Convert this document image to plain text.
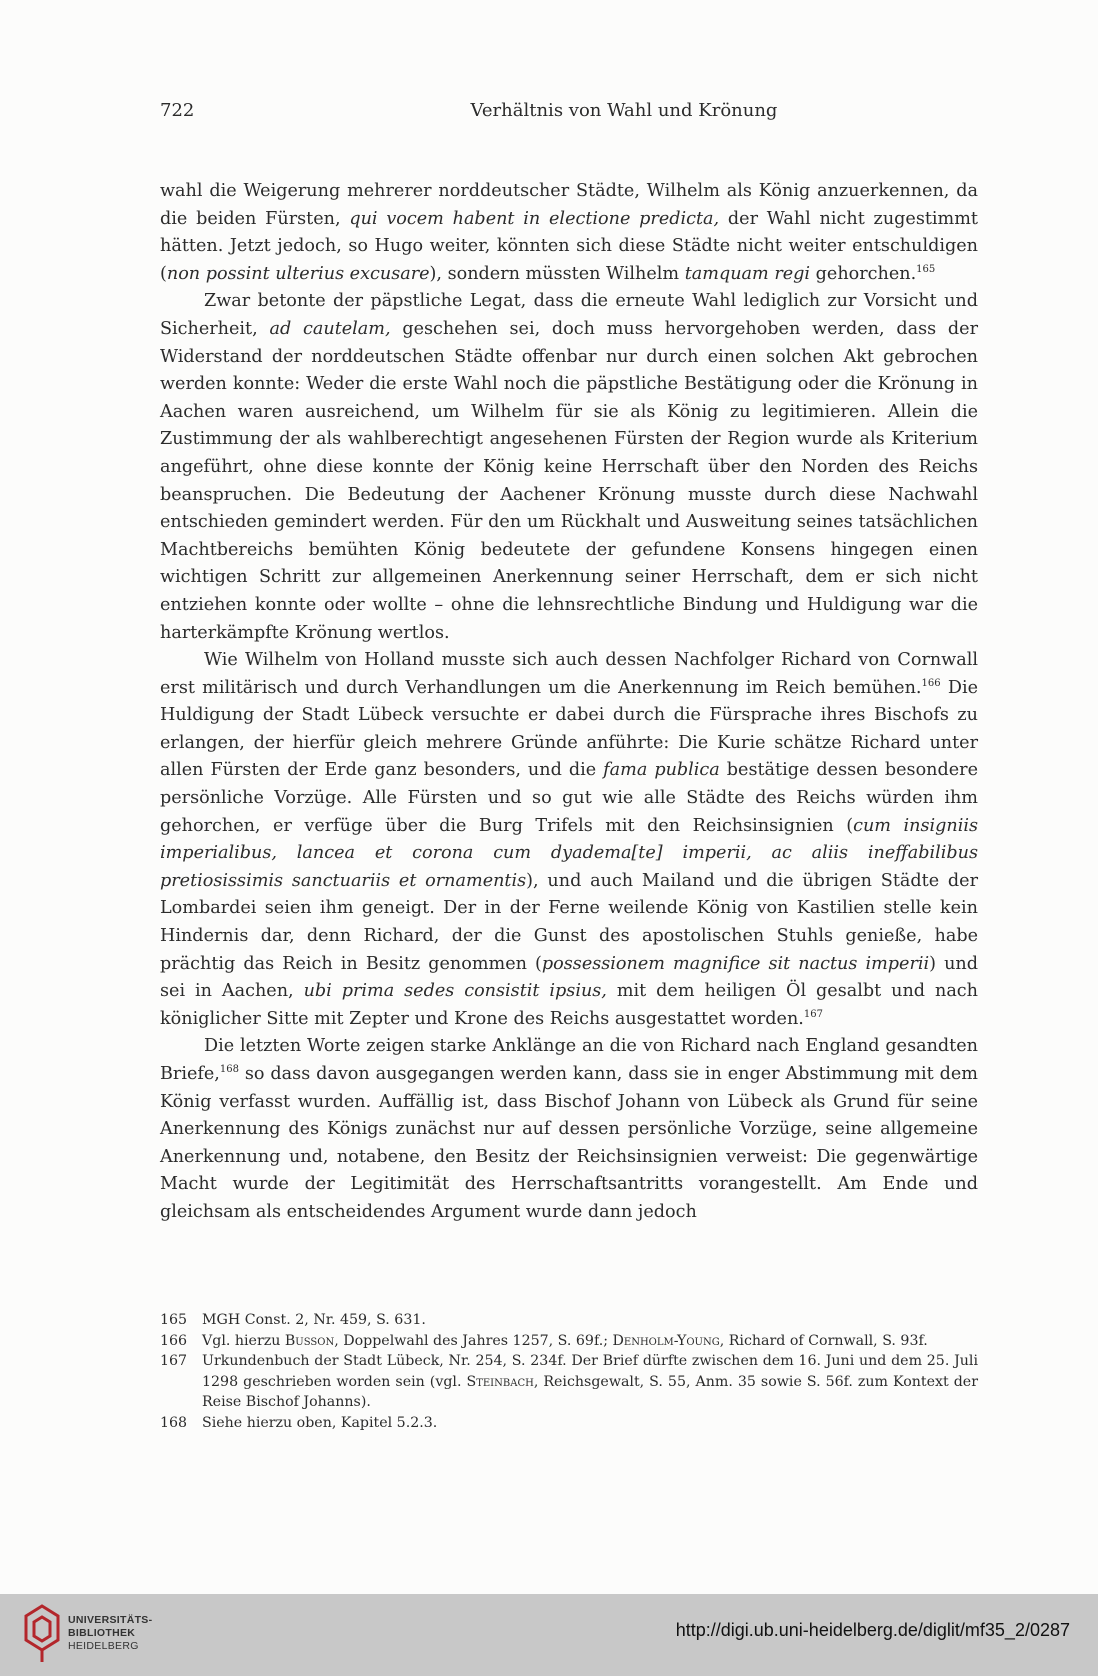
722	Verhältnis von Wahl und Krönung

wahl die Weigerung mehrerer norddeutscher Städte, Wilhelm als König anzuerkennen, da die beiden Fürsten, qui vocem habent in electione predicta, der Wahl nicht zugestimmt hätten. Jetzt jedoch, so Hugo weiter, könnten sich diese Städte nicht weiter entschuldigen (non possint ulterius excusare), sondern müssten Wilhelm tamquam regi gehorchen.$^{165}$

Zwar betonte der päpstliche Legat, dass die erneute Wahl lediglich zur Vorsicht und Sicherheit, ad cautelam, geschehen sei, doch muss hervorgehoben werden, dass der Widerstand der norddeutschen Städte offenbar nur durch einen solchen Akt gebrochen werden konnte: Weder die erste Wahl noch die päpstliche Bestätigung oder die Krönung in Aachen waren ausreichend, um Wilhelm für sie als König zu legitimieren. Allein die Zustimmung der als wahlberechtigt angesehenen Fürsten der Region wurde als Kriterium angeführt, ohne diese konnte der König keine Herrschaft über den Norden des Reichs beanspruchen. Die Bedeutung der Aachener Krönung musste durch diese Nachwahl entschieden gemindert werden. Für den um Rückhalt und Ausweitung seines tatsächlichen Machtbereichs bemühten König bedeutete der gefundene Konsens hingegen einen wichtigen Schritt zur allgemeinen Anerkennung seiner Herrschaft, dem er sich nicht entziehen konnte oder wollte – ohne die lehnsrechtliche Bindung und Huldigung war die harterkämpfte Krönung wertlos.

Wie Wilhelm von Holland musste sich auch dessen Nachfolger Richard von Cornwall erst militärisch und durch Verhandlungen um die Anerkennung im Reich bemühen.$^{166}$ Die Huldigung der Stadt Lübeck versuchte er dabei durch die Fürsprache ihres Bischofs zu erlangen, der hierfür gleich mehrere Gründe anführte: Die Kurie schätze Richard unter allen Fürsten der Erde ganz besonders, und die fama publica bestätige dessen besondere persönliche Vorzüge. Alle Fürsten und so gut wie alle Städte des Reichs würden ihm gehorchen, er verfüge über die Burg Trifels mit den Reichsinsignien (cum insigniis imperialibus, lancea et corona cum dyadema[te] imperii, ac aliis ineffabilibus pretiosissimis sanctuariis et ornamentis), und auch Mailand und die übrigen Städte der Lombardei seien ihm geneigt. Der in der Ferne weilende König von Kastilien stelle kein Hindernis dar, denn Richard, der die Gunst des apostolischen Stuhls genieße, habe prächtig das Reich in Besitz genommen (possessionem magnifice sit nactus imperii) und sei in Aachen, ubi prima sedes consistit ipsius, mit dem heiligen Öl gesalbt und nach königlicher Sitte mit Zepter und Krone des Reichs ausgestattet worden.$^{167}$

Die letzten Worte zeigen starke Anklänge an die von Richard nach England gesandten Briefe,$^{168}$ so dass davon ausgegangen werden kann, dass sie in enger Abstimmung mit dem König verfasst wurden. Auffällig ist, dass Bischof Johann von Lübeck als Grund für seine Anerkennung des Königs zunächst nur auf dessen persönliche Vorzüge, seine allgemeine Anerkennung und, notabene, den Besitz der Reichsinsignien verweist: Die gegenwärtige Macht wurde der Legitimität des Herrschaftsantritts vorangestellt. Am Ende und gleichsam als entscheidendes Argument wurde dann jedoch

165	MGH Const. 2, Nr. 459, S. 631.
166	Vgl. hierzu Busson, Doppelwahl des Jahres 1257, S. 69f.; Denholm-Young, Richard of Cornwall, S. 93f.
167	Urkundenbuch der Stadt Lübeck, Nr. 254, S. 234f. Der Brief dürfte zwischen dem 16. Juni und dem 25. Juli 1298 geschrieben worden sein (vgl. Steinbach, Reichsgewalt, S. 55, Anm. 35 sowie S. 56f. zum Kontext der Reise Bischof Johanns).
168	Siehe hierzu oben, Kapitel 5.2.3.
UNIVERSITÄTS-
BIBLIOTHEK
HEIDELBERG
http://digi.ub.uni-heidelberg.de/diglit/mf35_2/0287
